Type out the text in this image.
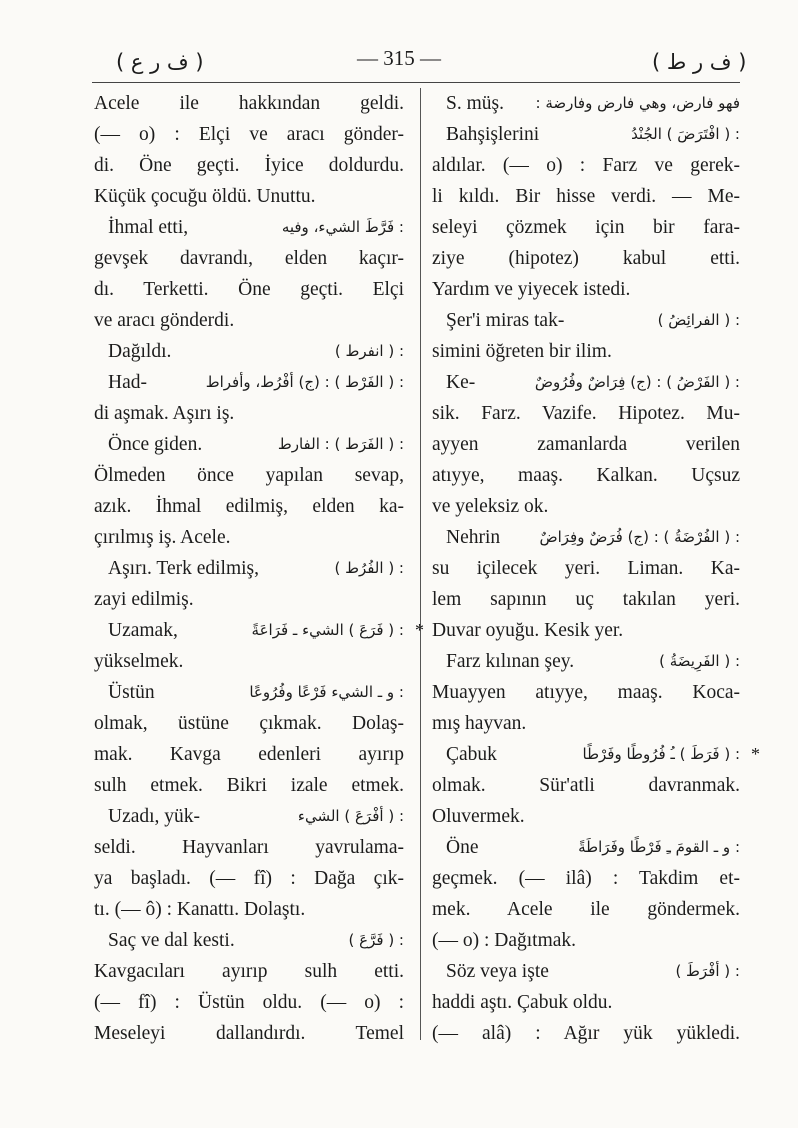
( ف ر ع )	— 315 —	( ف ر ط )
Acele ile hakkından geldi.
(— o) : Elçi ve aracı gönder-
di. Öne geçti. İyice doldurdu.
Küçük çocuğu öldü. Unuttu.
İhmal etti,	: فَرَّطَ الشيء، وفيه
gevşek davrandı, elden kaçır-
dı. Terketti. Öne geçti. Elçi
ve aracı gönderdi.
Dağıldı.	: ( انفرط )
Had-	: ( الفَرْط ) : (ج) أفْرُط، وأفراط
di aşmak. Aşırı iş.
Önce giden.	: ( الفَرَط ) : الفارط
Ölmeden önce yapılan sevap,
azık. İhmal edilmiş, elden ka-
çırılmış iş. Acele.
Aşırı. Terk edilmiş,	: ( الفُرُط )
zayi edilmiş.
Uzamak,	: ( فَرَعَ ) الشيء ـ فَرَاعَةً *
yükselmek.
Üstün	: و ـ الشيء فَرْعًا وفُرُوعًا
olmak, üstüne çıkmak. Dolaş-
mak. Kavga edenleri ayırıp
sulh etmek. Bikri izale etmek.
Uzadı, yük-	: ( أفْرَعَ ) الشيء
seldi. Hayvanları yavrulama-
ya başladı. (— fî) : Dağa çık-
tı. (— ô) : Kanattı. Dolaştı.
Saç ve dal kesti.	: ( فَرَّعَ )
Kavgacıları ayırıp sulh etti.
(— fî) : Üstün oldu. (— o) :
Meseleyi dallandırdı. Temel
S. müş. فهو فارض، وهي فارض وفارضة :
Bahşişlerini	: ( افْتَرَضَ ) الجُنْدُ
aldılar. (— o) : Farz ve gerek-
li kıldı. Bir hisse verdi. — Me-
seleyi çözmek için bir fara-
ziye (hipotez) kabul etti.
Yardım ve yiyecek istedi.
Şer'i miras tak-	: ( الفرائِضُ )
simini öğreten bir ilim.
Ke-	: ( الفَرْضُ ) : (ج) فِرَاضٌ وفُرُوضٌ
sik. Farz. Vazife. Hipotez. Mu-
ayyen zamanlarda verilen
atıyye, maaş. Kalkan. Uçsuz
ve yeleksiz ok.
Nehrin	: ( الفُرْضَةُ ) : (ج) فُرَضٌ وفِرَاضٌ
su içilecek yeri. Liman. Ka-
lem sapının uç takılan yeri.
Duvar oyuğu. Kesik yer.
Farz kılınan şey.	: ( الفَرِيضَةُ )
Muayyen atıyye, maaş. Koca-
mış hayvan.
Çabuk	: ( فَرَطَ ) ـُ فُرُوطًا وفَرْطًا *
olmak. Sür'atli davranmak.
Oluvermek.
Öne	: و ـ القومَ ـِ فَرْطًا وفَرَاطَةً
geçmek. (— ilâ) : Takdim et-
mek. Acele ile göndermek.
(— o) : Dağıtmak.
Söz veya işte	: ( أفْرَطَ )
haddi aştı. Çabuk oldu.
(— alâ) : Ağır yük yükledi.
